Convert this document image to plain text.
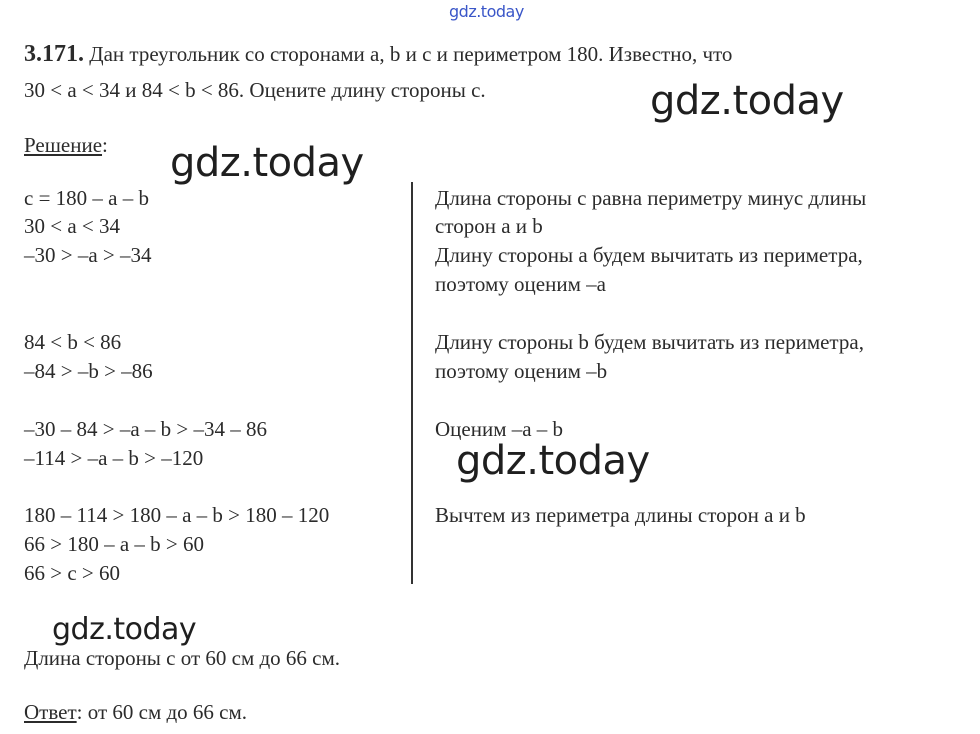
gdz.today
3.171. Дан треугольник со сторонами a, b и c и периметром 180. Известно, что
30 < a < 34 и 84 < b < 86. Оцените длину стороны c.	gdz.today
gdz.today
gdz.today
gdz.today
Решение:
c = 180 – a – b
30 < a < 34
–30 > –a > –34
84 < b < 86
–84 > –b > –86
–30 – 84 > –a – b > –34 – 86
–114 > –a – b > –120
180 – 114 > 180 – a – b > 180 – 120
66 > 180 – a – b > 60
66 > c > 60
Длина стороны c равна периметру минус длины
сторон a и b
Длину стороны a будем вычитать из периметра,
поэтому оценим –a
Длину стороны b будем вычитать из периметра,
поэтому оценим –b
Оценим –a – b
Вычтем из периметра длины сторон a и b
Длина стороны c от 60 см до 66 см.
Ответ: от 60 см до 66 см.
